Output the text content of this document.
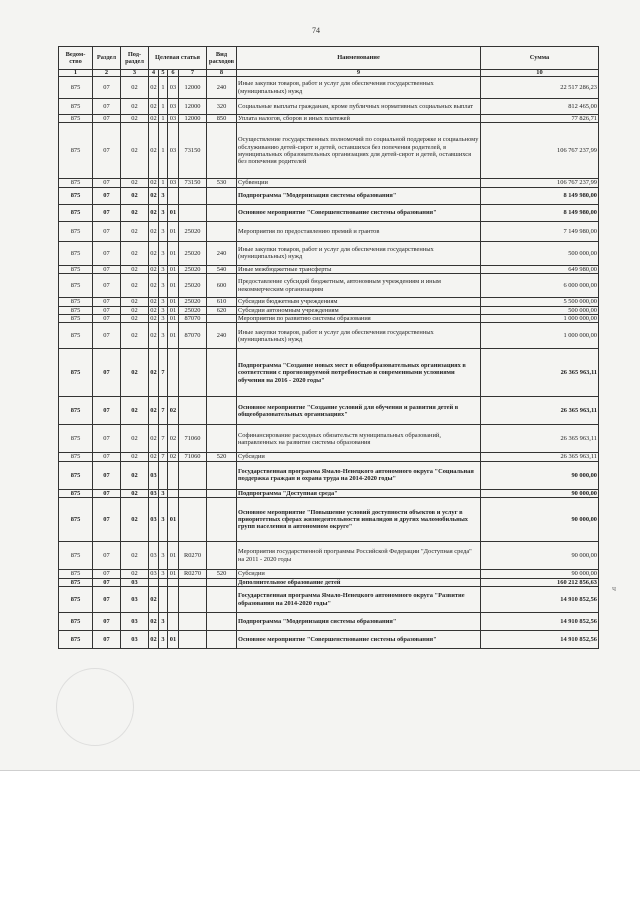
74
Ведом-ство	Раздел	Под-раздел	Целевая статья				Вид расходов	Наименование	Сумма
1	2	3	4	5	6	7	8	9	10
875	07	02	02	1	03	12000	240	Иные закупки товаров, работ и услуг для обеспечения государственных (муниципальных) нужд	22 517 286,23
875	07	02	02	1	03	12000	320	Социальные выплаты гражданам, кроме публичных нормативных социальных выплат	812 465,00
875	07	02	02	1	03	12000	850	Уплата налогов, сборов и иных платежей	77 826,71
875	07	02	02	1	03	73150		Осуществление государственных полномочий по социальной поддержке и социальному обслуживанию детей-сирот и детей, оставшихся без попечения родителей, в муниципальных образовательных организациях для детей-сирот и детей, оставшихся без попечения родителей	106 767 237,99
875	07	02	02	1	03	73150	530	Субвенции	106 767 237,99
875	07	02	02	3				Подпрограмма "Модернизация системы образования"	8 149 980,00
875	07	02	02	3	01			Основное мероприятие "Совершенствование системы образования"	8 149 980,00
875	07	02	02	3	01	25020		Мероприятия по предоставлению премий и грантов	7 149 980,00
875	07	02	02	3	01	25020	240	Иные закупки товаров, работ и услуг для обеспечения государственных (муниципальных) нужд	500 000,00
875	07	02	02	3	01	25020	540	Иные межбюджетные трансферты	649 980,00
875	07	02	02	3	01	25020	600	Предоставление субсидий бюджетным, автономным учреждениям и иным некоммерческим организациям	6 000 000,00
875	07	02	02	3	01	25020	610	Субсидии бюджетным учреждениям	5 500 000,00
875	07	02	02	3	01	25020	620	Субсидии автономным учреждениям	500 000,00
875	07	02	02	3	01	87070		Мероприятия по развитию системы образования	1 000 000,00
875	07	02	02	3	01	87070	240	Иные закупки товаров, работ и услуг для обеспечения государственных (муниципальных) нужд	1 000 000,00
875	07	02	02	7				Подпрограмма "Создание новых мест в общеобразовательных организациях в соответствии с прогнозируемой потребностью и современными условиями обучения на 2016 - 2020 годы"	26 365 963,11
875	07	02	02	7	02			Основное мероприятие "Создание условий для обучения и развития детей в общеобразовательных организациях"	26 365 963,11
875	07	02	02	7	02	71060		Софинансирование расходных обязательств муниципальных образований, направленных на развитие системы образования	26 365 963,11
875	07	02	02	7	02	71060	520	Субсидии	26 365 963,11
875	07	02	03					Государственная программа Ямало-Ненецкого автономного округа "Социальная поддержка граждан и охрана труда на 2014-2020 годы"	90 000,00
875	07	02	03	3				Подпрограмма "Доступная среда"	90 000,00
875	07	02	03	3	01			Основное мероприятие "Повышение условий доступности объектов и услуг в приоритетных сферах жизнедеятельности инвалидов и других маломобильных групп населения в автономном округе"	90 000,00
875	07	02	03	3	01	R0270		Мероприятия государственной программы Российской Федерации "Доступная среда" на 2011 - 2020 годы	90 000,00
875	07	02	03	3	01	R0270	520	Субсидии	90 000,00
875	07	03						Дополнительное образование детей	160 212 856,63
875	07	03	02					Государственная программа Ямало-Ненецкого автономного округа "Развитие образования на 2014-2020 годы"	14 910 852,56
875	07	03	02	3				Подпрограмма "Модернизация системы образования"	14 910 852,56
875	07	03	02	3	01			Основное мероприятие "Совершенствование системы образования"	14 910 852,56
ч
